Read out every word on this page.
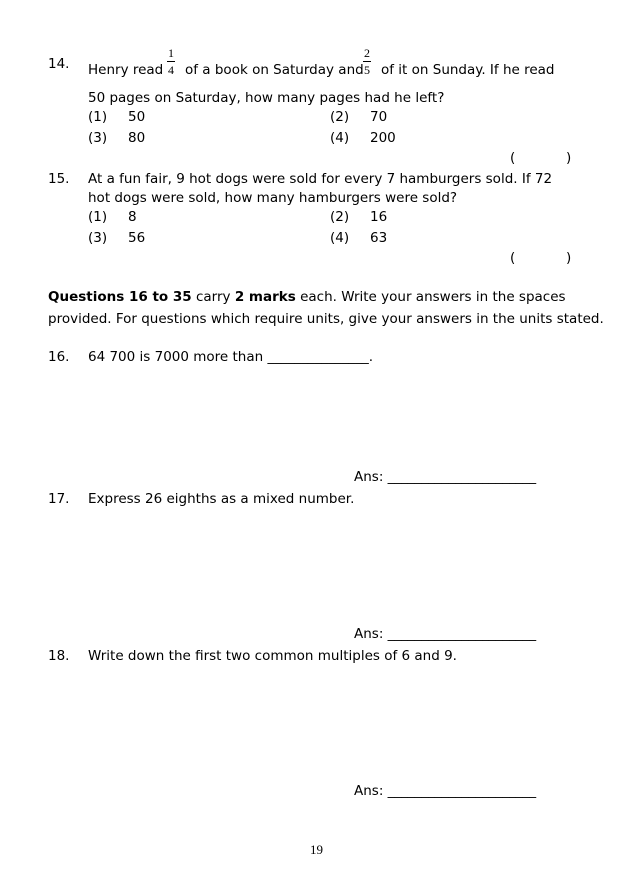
14. Henry read
1
4 of a book on Saturday and
2
5 of it on Sunday. If he read
50 pages on Saturday, how many pages had he left?
(1) 50	(2) 70
(3) 80	(4) 200
(	)
15. At a fun fair, 9 hot dogs were sold for every 7 hamburgers sold. If 72
hot dogs were sold, how many hamburgers were sold?
(1) 8	(2) 16
(3) 56	(4) 63
(	)
Questions 16 to 35 carry 2 marks each. Write your answers in the spaces
provided. For questions which require units, give your answers in the units stated.
16. 64 700 is 7000 more than _______________.
Ans: ______________________
17. Express 26 eighths as a mixed number.
Ans: ______________________
18. Write down the first two common multiples of 6 and 9.
Ans: ______________________
19
